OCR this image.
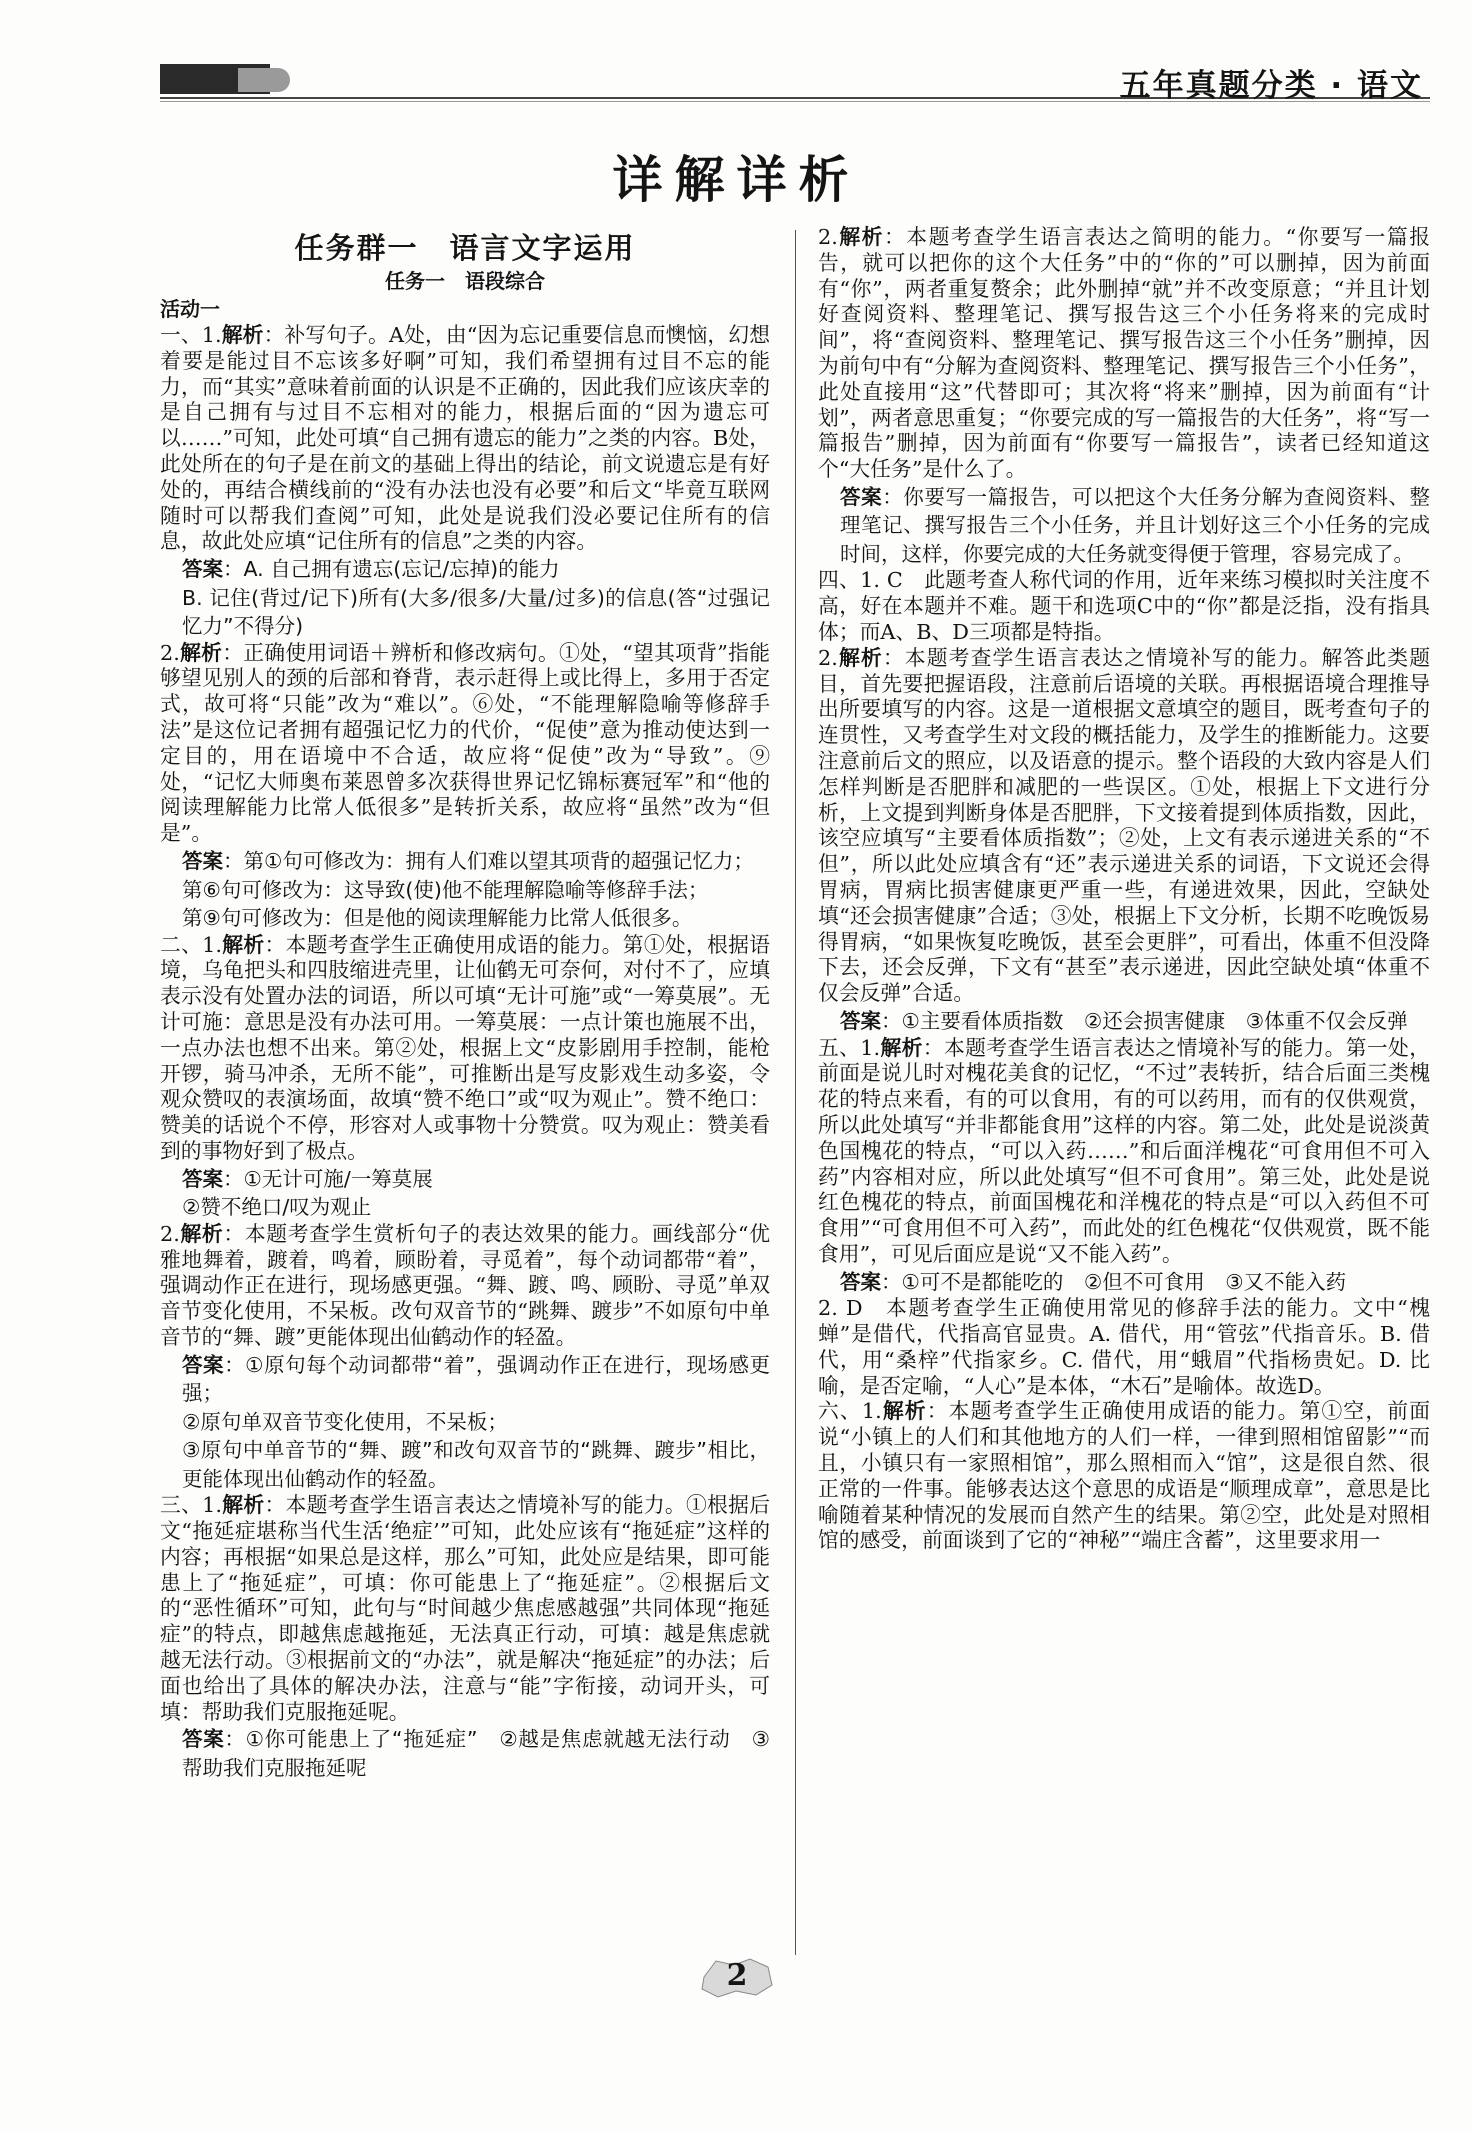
五年真题分类 · 语文
详解详析
任务群一　语言文字运用
任务一　语段综合
活动一

一、1.解析：补写句子。A处，由“因为忘记重要信息而懊恼，幻想着要是能过目不忘该多好啊”可知，我们希望拥有过目不忘的能力，而“其实”意味着前面的认识是不正确的，因此我们应该庆幸的是自己拥有与过目不忘相对的能力，根据后面的“因为遗忘可以……”可知，此处可填“自己拥有遗忘的能力”之类的内容。B处，此处所在的句子是在前文的基础上得出的结论，前文说遗忘是有好处的，再结合横线前的“没有办法也没有必要”和后文“毕竟互联网随时可以帮我们查阅”可知，此处是说我们没必要记住所有的信息，故此处应填“记住所有的信息”之类的内容。

答案：A. 自己拥有遗忘(忘记/忘掉)的能力

B. 记住(背过/记下)所有(大多/很多/大量/过多)的信息(答“过强记忆力”不得分)

2.解析：正确使用词语＋辨析和修改病句。①处，“望其项背”指能够望见别人的颈的后部和脊背，表示赶得上或比得上，多用于否定式，故可将“只能”改为“难以”。⑥处，“不能理解隐喻等修辞手法”是这位记者拥有超强记忆力的代价，“促使”意为推动使达到一定目的，用在语境中不合适，故应将“促使”改为“导致”。⑨处，“记忆大师奥布莱恩曾多次获得世界记忆锦标赛冠军”和“他的阅读理解能力比常人低很多”是转折关系，故应将“虽然”改为“但是”。

答案：第①句可修改为：拥有人们难以望其项背的超强记忆力；

第⑥句可修改为：这导致(使)他不能理解隐喻等修辞手法；

第⑨句可修改为：但是他的阅读理解能力比常人低很多。

二、1.解析：本题考查学生正确使用成语的能力。第①处，根据语境，乌龟把头和四肢缩进壳里，让仙鹤无可奈何，对付不了，应填表示没有处置办法的词语，所以可填“无计可施”或“一筹莫展”。无计可施：意思是没有办法可用。一筹莫展：一点计策也施展不出，一点办法也想不出来。第②处，根据上文“皮影剧用手控制，能枪开锣，骑马冲杀，无所不能”，可推断出是写皮影戏生动多姿，令观众赞叹的表演场面，故填“赞不绝口”或“叹为观止”。赞不绝口：赞美的话说个不停，形容对人或事物十分赞赏。叹为观止：赞美看到的事物好到了极点。

答案：①无计可施/一筹莫展

②赞不绝口/叹为观止

2.解析：本题考查学生赏析句子的表达效果的能力。画线部分“优雅地舞着，踱着，鸣着，顾盼着，寻觅着”，每个动词都带“着”，强调动作正在进行，现场感更强。“舞、踱、鸣、顾盼、寻觅”单双音节变化使用，不呆板。改句双音节的“跳舞、踱步”不如原句中单音节的“舞、踱”更能体现出仙鹤动作的轻盈。

答案：①原句每个动词都带“着”，强调动作正在进行，现场感更强；

②原句单双音节变化使用，不呆板；

③原句中单音节的“舞、踱”和改句双音节的“跳舞、踱步”相比，更能体现出仙鹤动作的轻盈。

三、1.解析：本题考查学生语言表达之情境补写的能力。①根据后文“拖延症堪称当代生活‘绝症’”可知，此处应该有“拖延症”这样的内容；再根据“如果总是这样，那么”可知，此处应是结果，即可能患上了“拖延症”，可填：你可能患上了“拖延症”。②根据后文的“恶性循环”可知，此句与“时间越少焦虑感越强”共同体现“拖延症”的特点，即越焦虑越拖延，无法真正行动，可填：越是焦虑就越无法行动。③根据前文的“办法”，就是解决“拖延症”的办法；后面也给出了具体的解决办法，注意与“能”字衔接，动词开头，可填：帮助我们克服拖延呢。

答案：①你可能患上了“拖延症”　②越是焦虑就越无法行动　③帮助我们克服拖延呢

2.解析：本题考查学生语言表达之简明的能力。“你要写一篇报告，就可以把你的这个大任务”中的“你的”可以删掉，因为前面有“你”，两者重复赘余；此外删掉“就”并不改变原意；“并且计划好查阅资料、整理笔记、撰写报告这三个小任务将来的完成时间”，将“查阅资料、整理笔记、撰写报告这三个小任务”删掉，因为前句中有“分解为查阅资料、整理笔记、撰写报告三个小任务”，此处直接用“这”代替即可；其次将“将来”删掉，因为前面有“计划”，两者意思重复；“你要完成的写一篇报告的大任务”，将“写一篇报告”删掉，因为前面有“你要写一篇报告”，读者已经知道这个“大任务”是什么了。

答案：你要写一篇报告，可以把这个大任务分解为查阅资料、整理笔记、撰写报告三个小任务，并且计划好这三个小任务的完成时间，这样，你要完成的大任务就变得便于管理，容易完成了。

四、1. C　此题考查人称代词的作用，近年来练习模拟时关注度不高，好在本题并不难。题干和选项C中的“你”都是泛指，没有指具体；而A、B、D三项都是特指。

2.解析：本题考查学生语言表达之情境补写的能力。解答此类题目，首先要把握语段，注意前后语境的关联。再根据语境合理推导出所要填写的内容。这是一道根据文意填空的题目，既考查句子的连贯性，又考查学生对文段的概括能力，及学生的推断能力。这要注意前后文的照应，以及语意的提示。整个语段的大致内容是人们怎样判断是否肥胖和减肥的一些误区。①处，根据上下文进行分析，上文提到判断身体是否肥胖，下文接着提到体质指数，因此，该空应填写“主要看体质指数”；②处，上文有表示递进关系的“不但”，所以此处应填含有“还”表示递进关系的词语，下文说还会得胃病，胃病比损害健康更严重一些，有递进效果，因此，空缺处填“还会损害健康”合适；③处，根据上下文分析，长期不吃晚饭易得胃病，“如果恢复吃晚饭，甚至会更胖”，可看出，体重不但没降下去，还会反弹，下文有“甚至”表示递进，因此空缺处填“体重不仅会反弹”合适。

答案：①主要看体质指数　②还会损害健康　③体重不仅会反弹

五、1.解析：本题考查学生语言表达之情境补写的能力。第一处，前面是说儿时对槐花美食的记忆，“不过”表转折，结合后面三类槐花的特点来看，有的可以食用，有的可以药用，而有的仅供观赏，所以此处填写“并非都能食用”这样的内容。第二处，此处是说淡黄色国槐花的特点，“可以入药……”和后面洋槐花“可食用但不可入药”内容相对应，所以此处填写“但不可食用”。第三处，此处是说红色槐花的特点，前面国槐花和洋槐花的特点是“可以入药但不可食用”“可食用但不可入药”，而此处的红色槐花“仅供观赏，既不能食用”，可见后面应是说“又不能入药”。

答案：①可不是都能吃的　②但不可食用　③又不能入药

2. D　本题考查学生正确使用常见的修辞手法的能力。文中“槐蝉”是借代，代指高官显贵。A. 借代，用“管弦”代指音乐。B. 借代，用“桑梓”代指家乡。C. 借代，用“蛾眉”代指杨贵妃。D. 比喻，是否定喻，“人心”是本体，“木石”是喻体。故选D。

六、1.解析：本题考查学生正确使用成语的能力。第①空，前面说“小镇上的人们和其他地方的人们一样，一律到照相馆留影”“而且，小镇只有一家照相馆”，那么照相而入“馆”，这是很自然、很正常的一件事。能够表达这个意思的成语是“顺理成章”，意思是比喻随着某种情况的发展而自然产生的结果。第②空，此处是对照相馆的感受，前面谈到了它的“神秘”“端庄含蓄”，这里要求用一

2
